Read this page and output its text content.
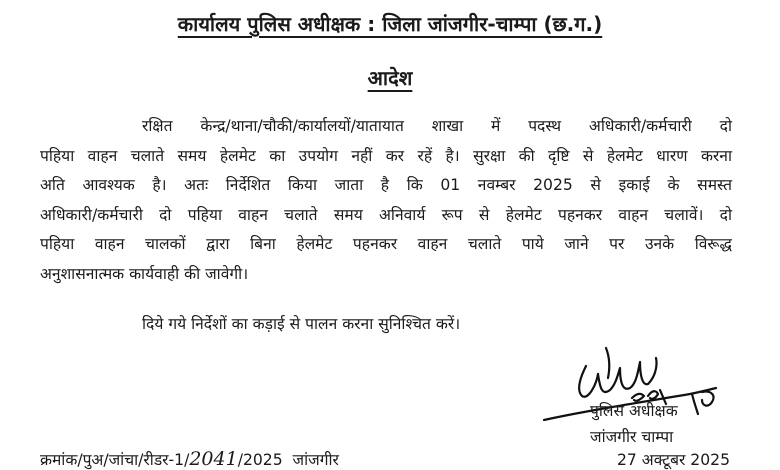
कार्यालय पुलिस अधीक्षक : जिला जांजगीर-चाम्पा (छ.ग.)
आदेश
रक्षित केन्द्र/थाना/चौकी/कार्यालयों/यातायात शाखा में पदस्थ अधिकारी/कर्मचारी दो
पहिया वाहन चलाते समय हेलमेट का उपयोग नहीं कर रहें है। सुरक्षा की दृष्टि से हेलमेट धारण करना
अति आवश्यक है। अतः निर्देशित किया जाता है कि 01 नवम्बर 2025 से इकाई के समस्त
अधिकारी/कर्मचारी दो पहिया वाहन चलाते समय अनिवार्य रूप से हेलमेट पहनकर वाहन चलावें। दो
पहिया वाहन चालकों द्वारा बिना हेलमेट पहनकर वाहन चलाते पाये जाने पर उनके विरूद्ध
अनुशासनात्मक कार्यवाही की जावेगी।
दिये गये निर्देशों का कड़ाई से पालन करना सुनिश्चित करें।
पुलिस अधीक्षक
जांजगीर चाम्पा
क्रमांक/पुअ/जांचा/रीडर-1/2041/2025  जांजगीर	27 अक्टूबर 2025
